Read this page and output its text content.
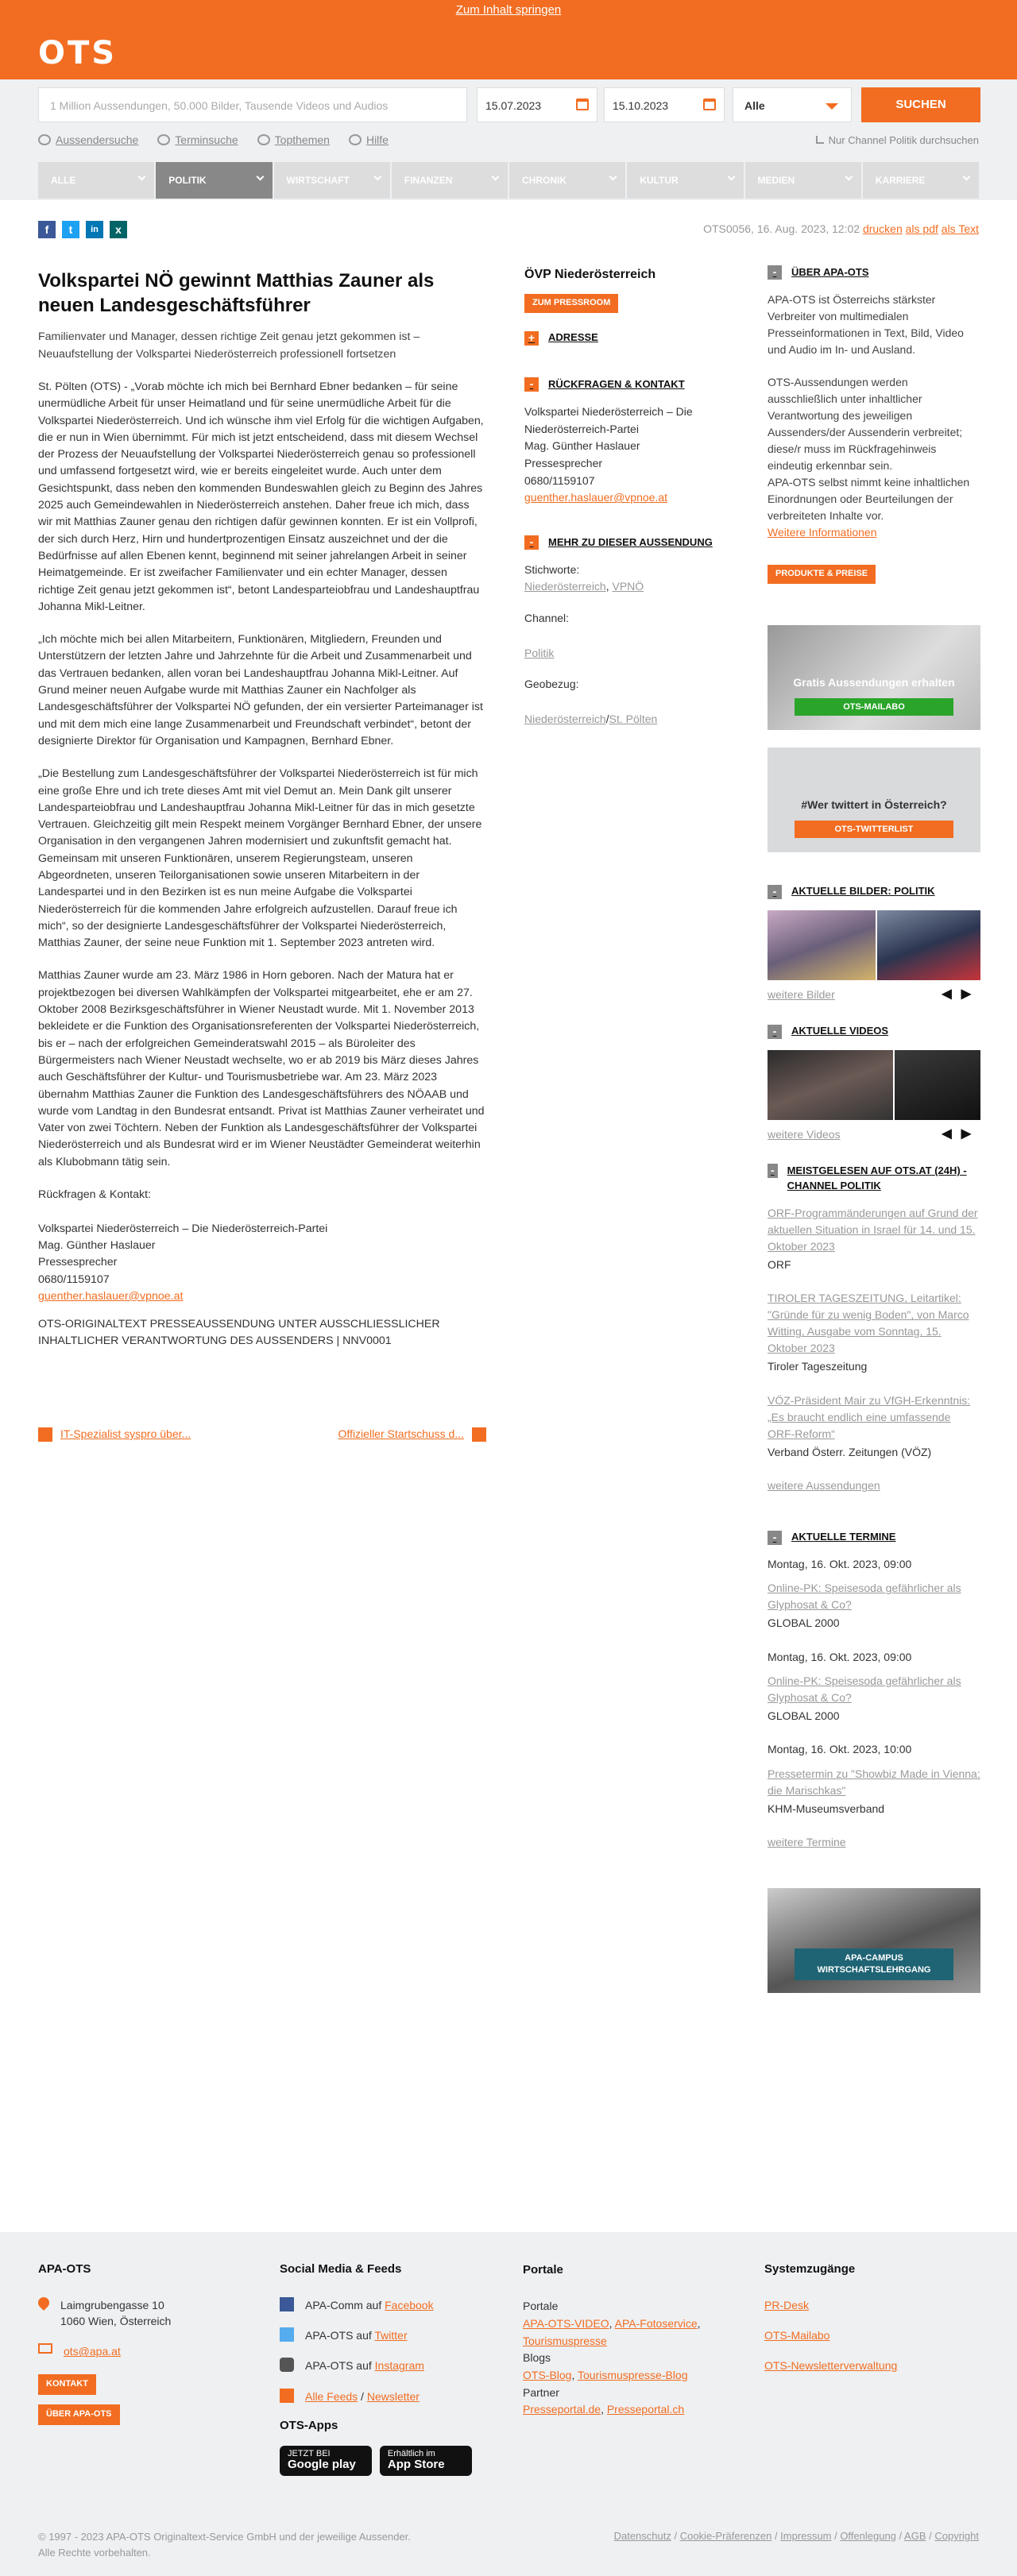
Zum Inhalt springen
OTS
1 Million Aussendungen, 50.000 Bilder, Tausende Videos und Audios	15.07.2023	15.10.2023	Alle	SUCHEN
Aussendersuche	Terminsuche	Topthemen	Hilfe	Nur Channel Politik durchsuchen
ALLE	POLITIK	WIRTSCHAFT	FINANZEN	CHRONIK	KULTUR	MEDIEN	KARRIERE
f	t	in	x	OTS0056, 16. Aug. 2023, 12:02 drucken als pdf als Text
Volkspartei NÖ gewinnt Matthias Zauner als neuen Landesgeschäftsführer

Familienvater und Manager, dessen richtige Zeit genau jetzt gekommen ist – Neuaufstellung der Volkspartei Niederösterreich professionell fortsetzen

St. Pölten (OTS) - „Vorab möchte ich mich bei Bernhard Ebner bedanken – für seine unermüdliche Arbeit für unser Heimatland und für seine unermüdliche Arbeit für die Volkspartei Niederösterreich. Und ich wünsche ihm viel Erfolg für die wichtigen Aufgaben, die er nun in Wien übernimmt. Für mich ist jetzt entscheidend, dass mit diesem Wechsel der Prozess der Neuaufstellung der Volkspartei Niederösterreich genau so professionell und umfassend fortgesetzt wird, wie er bereits eingeleitet wurde. Auch unter dem Gesichtspunkt, dass neben den kommenden Bundeswahlen gleich zu Beginn des Jahres 2025 auch Gemeindewahlen in Niederösterreich anstehen. Daher freue ich mich, dass wir mit Matthias Zauner genau den richtigen dafür gewinnen konnten. Er ist ein Vollprofi, der sich durch Herz, Hirn und hundertprozentigen Einsatz auszeichnet und der die Bedürfnisse auf allen Ebenen kennt, beginnend mit seiner jahrelangen Arbeit in seiner Heimatgemeinde. Er ist zweifacher Familienvater und ein echter Manager, dessen richtige Zeit genau jetzt gekommen ist“, betont Landesparteiobfrau und Landeshauptfrau Johanna Mikl-Leitner.

„Ich möchte mich bei allen Mitarbeitern, Funktionären, Mitgliedern, Freunden und Unterstützern der letzten Jahre und Jahrzehnte für die Arbeit und Zusammenarbeit und das Vertrauen bedanken, allen voran bei Landeshauptfrau Johanna Mikl-Leitner. Auf Grund meiner neuen Aufgabe wurde mit Matthias Zauner ein Nachfolger als Landesgeschäftsführer der Volkspartei NÖ gefunden, der ein versierter Parteimanager ist und mit dem mich eine lange Zusammenarbeit und Freundschaft verbindet“, betont der designierte Direktor für Organisation und Kampagnen, Bernhard Ebner.

„Die Bestellung zum Landesgeschäftsführer der Volkspartei Niederösterreich ist für mich eine große Ehre und ich trete dieses Amt mit viel Demut an. Mein Dank gilt unserer Landesparteiobfrau und Landeshauptfrau Johanna Mikl-Leitner für das in mich gesetzte Vertrauen. Gleichzeitig gilt mein Respekt meinem Vorgänger Bernhard Ebner, der unsere Organisation in den vergangenen Jahren modernisiert und zukunftsfit gemacht hat. Gemeinsam mit unseren Funktionären, unserem Regierungsteam, unseren Abgeordneten, unseren Teilorganisationen sowie unseren Mitarbeitern in der Landespartei und in den Bezirken ist es nun meine Aufgabe die Volkspartei Niederösterreich für die kommenden Jahre erfolgreich aufzustellen. Darauf freue ich mich“, so der designierte Landesgeschäftsführer der Volkspartei Niederösterreich, Matthias Zauner, der seine neue Funktion mit 1. September 2023 antreten wird.

Matthias Zauner wurde am 23. März 1986 in Horn geboren. Nach der Matura hat er projektbezogen bei diversen Wahlkämpfen der Volkspartei mitgearbeitet, ehe er am 27. Oktober 2008 Bezirksgeschäftsführer in Wiener Neustadt wurde. Mit 1. November 2013 bekleidete er die Funktion des Organisationsreferenten der Volkspartei Niederösterreich, bis er – nach der erfolgreichen Gemeinderatswahl 2015 – als Büroleiter des Bürgermeisters nach Wiener Neustadt wechselte, wo er ab 2019 bis März dieses Jahres auch Geschäftsführer der Kultur- und Tourismusbetriebe war. Am 23. März 2023 übernahm Matthias Zauner die Funktion des Landesgeschäftsführers des NÖAAB und wurde vom Landtag in den Bundesrat entsandt. Privat ist Matthias Zauner verheiratet und Vater von zwei Töchtern. Neben der Funktion als Landesgeschäftsführer der Volkspartei Niederösterreich und als Bundesrat wird er im Wiener Neustädter Gemeinderat weiterhin als Klubobmann tätig sein.

Rückfragen & Kontakt:

Volkspartei Niederösterreich – Die Niederösterreich-Partei
Mag. Günther Haslauer
Pressesprecher
0680/1159107
guenther.haslauer@vpnoe.at

OTS-ORIGINALTEXT PRESSEAUSSENDUNG UNTER AUSSCHLIESSLICHER INHALTLICHER VERANTWORTUNG DES AUSSENDERS | NNV0001

IT-Spezialist syspro über...	Offizieller Startschuss d...
ÖVP Niederösterreich
ZUM PRESSROOM
+	ADRESSE
-	RÜCKFRAGEN & KONTAKT

Volkspartei Niederösterreich – Die Niederösterreich-Partei
Mag. Günther Haslauer
Pressesprecher
0680/1159107
guenther.haslauer@vpnoe.at

-	MEHR ZU DIESER AUSSENDUNG

Stichworte:
Niederösterreich, VPNÖ

Channel:

Politik

Geobezug:

Niederösterreich/St. Pölten

-	ÜBER APA-OTS

APA-OTS ist Österreichs stärkster Verbreiter von multimedialen Presseinformationen in Text, Bild, Video und Audio im In- und Ausland.

OTS-Aussendungen werden ausschließlich unter inhaltlicher Verantwortung des jeweiligen Aussenders/der Aussenderin verbreitet; diese/r muss im Rückfragehinweis eindeutig erkennbar sein.

APA-OTS selbst nimmt keine inhaltlichen Einordnungen oder Beurteilungen der verbreiteten Inhalte vor.

Weitere Informationen
PRODUKTE & PREISE
Gratis Aussendungen erhalten
OTS-MAILABO
#Wer twittert in Österreich?
OTS-TWITTERLIST
-	AKTUELLE BILDER: POLITIK
weitere Bilder	◀▶
-	AKTUELLE VIDEOS
weitere Videos	◀▶
-	MEISTGELESEN AUF OTS.AT (24H) - CHANNEL POLITIK
ORF-Programmänderungen auf Grund der aktuellen Situation in Israel für 14. und 15. Oktober 2023
ORF
TIROLER TAGESZEITUNG, Leitartikel: "Gründe für zu wenig Boden", von Marco Witting, Ausgabe vom Sonntag, 15. Oktober 2023
Tiroler Tageszeitung
VÖZ-Präsident Mair zu VfGH-Erkenntnis: „Es braucht endlich eine umfassende ORF-Reform“
Verband Österr. Zeitungen (VÖZ)
weitere Aussendungen
-	AKTUELLE TERMINE
Montag, 16. Okt. 2023, 09:00
Online-PK: Speisesoda gefährlicher als Glyphosat & Co?
GLOBAL 2000
Montag, 16. Okt. 2023, 09:00
Online-PK: Speisesoda gefährlicher als Glyphosat & Co?
GLOBAL 2000
Montag, 16. Okt. 2023, 10:00
Pressetermin zu "Showbiz Made in Vienna: die Marischkas"
KHM-Museumsverband
weitere Termine
APA-CAMPUS WIRTSCHAFTSLEHRGANG
APA-OTS
Laimgrubengasse 10
1060 Wien, Österreich
ots@apa.at
KONTAKT
ÜBER APA-OTS
Social Media & Feeds
APA-Comm auf Facebook
APA-OTS auf Twitter
APA-OTS auf Instagram
Alle Feeds / Newsletter
OTS-Apps
JETZT BEI
Google play
Erhältlich im
App Store
Portale
Portale
APA-OTS-VIDEO, APA-Fotoservice,
Tourismuspresse
Blogs
OTS-Blog, Tourismuspresse-Blog
Partner
Presseportal.de, Presseportal.ch
Systemzugänge
PR-Desk
OTS-Mailabo
OTS-Newsletterverwaltung
© 1997 - 2023 APA-OTS Originaltext-Service GmbH und der jeweilige Aussender.
Alle Rechte vorbehalten.
Datenschutz / Cookie-Präferenzen / Impressum / Offenlegung / AGB / Copyright
